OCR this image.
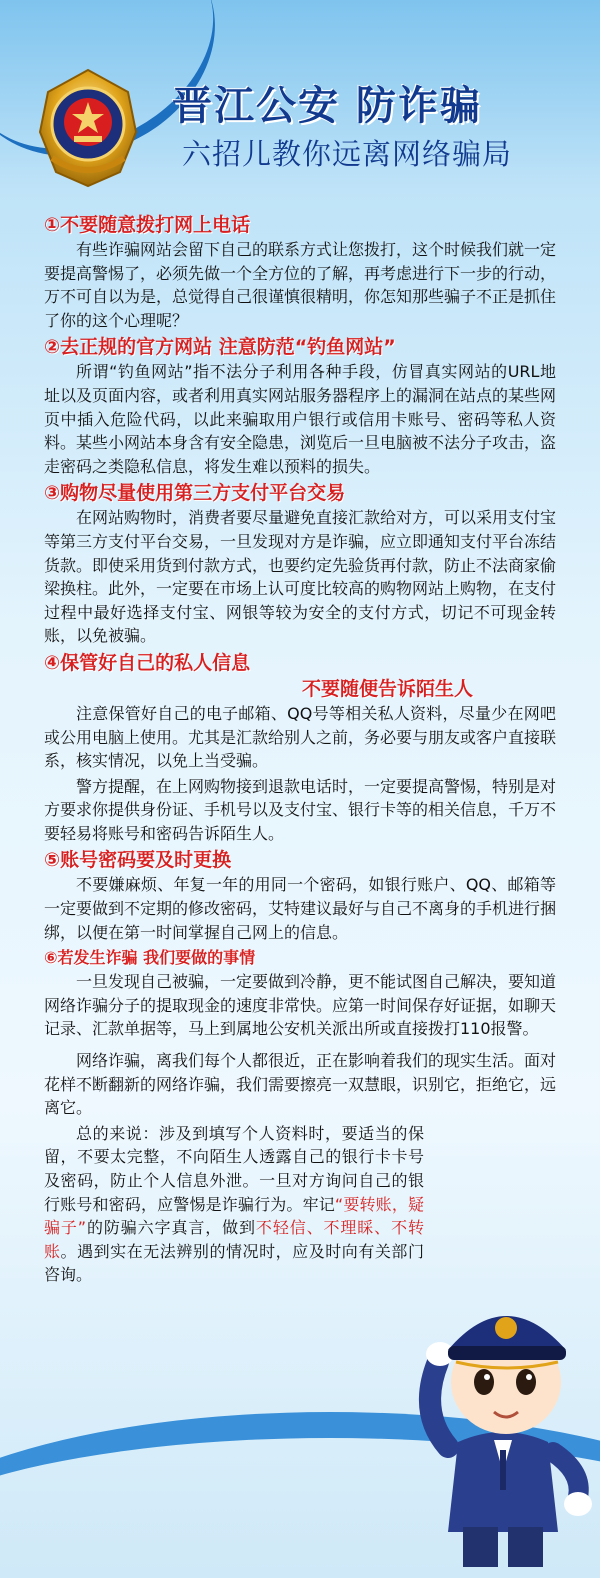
晋江公安 防诈骗
六招儿教你远离网络骗局

①不要随意拨打网上电话

有些诈骗网站会留下自己的联系方式让您拨打，这个时候我们就一定要提高警惕了，必须先做一个全方位的了解，再考虑进行下一步的行动，万不可自以为是，总觉得自己很谨慎很精明，你怎知那些骗子不正是抓住了你的这个心理呢？

②去正规的官方网站 注意防范“钓鱼网站”

所谓“钓鱼网站”指不法分子利用各种手段，仿冒真实网站的URL地址以及页面内容，或者利用真实网站服务器程序上的漏洞在站点的某些网页中插入危险代码，以此来骗取用户银行或信用卡账号、密码等私人资料。某些小网站本身含有安全隐患，浏览后一旦电脑被不法分子攻击，盗走密码之类隐私信息，将发生难以预料的损失。

③购物尽量使用第三方支付平台交易

在网站购物时，消费者要尽量避免直接汇款给对方，可以采用支付宝等第三方支付平台交易，一旦发现对方是诈骗，应立即通知支付平台冻结货款。即使采用货到付款方式，也要约定先验货再付款，防止不法商家偷梁换柱。此外，一定要在市场上认可度比较高的购物网站上购物，在支付过程中最好选择支付宝、网银等较为安全的支付方式，切记不可现金转账，以免被骗。

④保管好自己的私人信息

不要随便告诉陌生人

注意保管好自己的电子邮箱、QQ号等相关私人资料，尽量少在网吧或公用电脑上使用。尤其是汇款给别人之前，务必要与朋友或客户直接联系，核实情况，以免上当受骗。

警方提醒，在上网购物接到退款电话时，一定要提高警惕，特别是对方要求你提供身份证、手机号以及支付宝、银行卡等的相关信息，千万不要轻易将账号和密码告诉陌生人。

⑤账号密码要及时更换

不要嫌麻烦、年复一年的用同一个密码，如银行账户、QQ、邮箱等一定要做到不定期的修改密码，艾特建议最好与自己不离身的手机进行捆绑，以便在第一时间掌握自己网上的信息。

⑥若发生诈骗 我们要做的事情

一旦发现自己被骗，一定要做到冷静，更不能试图自己解决，要知道网络诈骗分子的提取现金的速度非常快。应第一时间保存好证据，如聊天记录、汇款单据等，马上到属地公安机关派出所或直接拨打110报警。

网络诈骗，离我们每个人都很近，正在影响着我们的现实生活。面对花样不断翻新的网络诈骗，我们需要擦亮一双慧眼，识别它，拒绝它，远离它。

总的来说：涉及到填写个人资料时，要适当的保留，不要太完整，不向陌生人透露自己的银行卡卡号及密码，防止个人信息外泄。一旦对方询问自己的银行账号和密码，应警惕是诈骗行为。牢记“要转账，疑骗子”的防骗六字真言，做到不轻信、不理睬、不转账。遇到实在无法辨别的情况时，应及时向有关部门咨询。
